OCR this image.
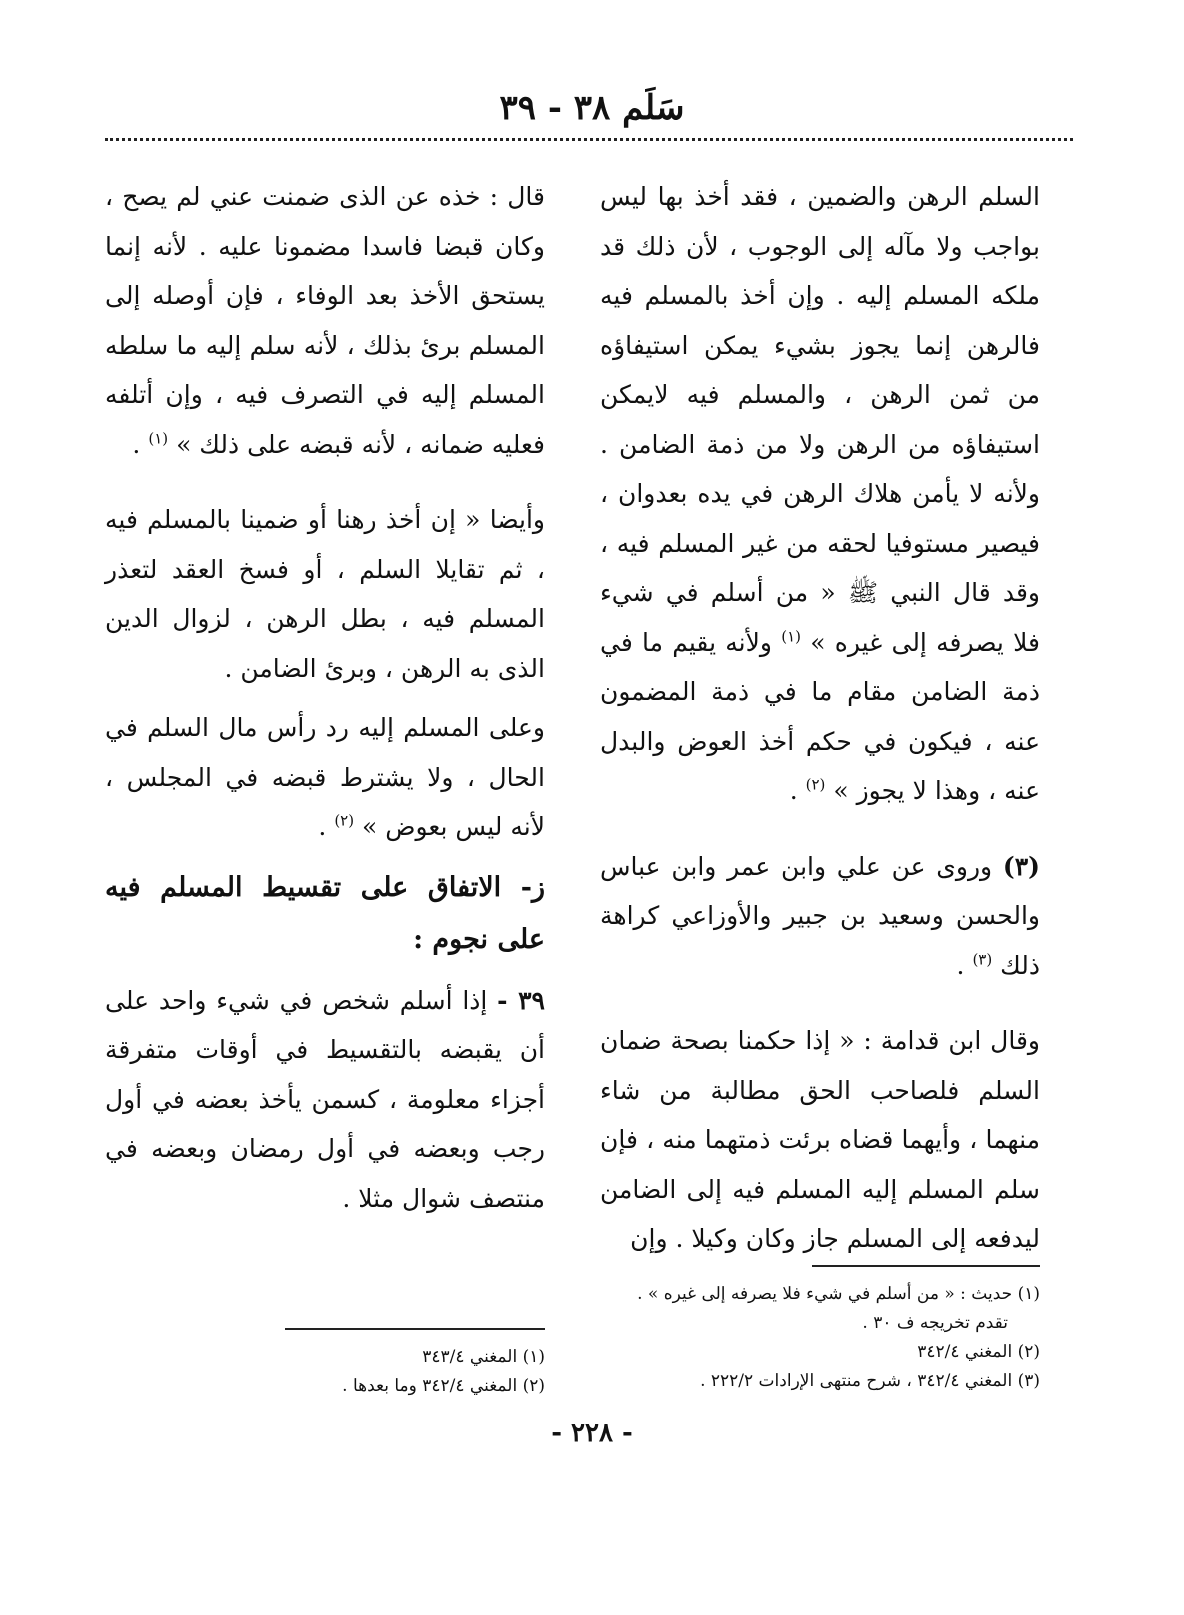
سَلَم ٣٨ - ٣٩

السلم الرهن والضمين ، فقد أخذ بها ليس بواجب ولا مآله إلى الوجوب ، لأن ذلك قد ملكه المسلم إليه . وإن أخذ بالمسلم فيه فالرهن إنما يجوز بشيء يمكن استيفاؤه من ثمن الرهن ، والمسلم فيه لايمكن استيفاؤه من الرهن ولا من ذمة الضامن . ولأنه لا يأمن هلاك الرهن في يده بعدوان ، فيصير مستوفيا لحقه من غير المسلم فيه ، وقد قال النبي ﷺ « من أسلم في شيء فلا يصرفه إلى غيره » $^{(١)}$ ولأنه يقيم ما في ذمة الضامن مقام ما في ذمة المضمون عنه ، فيكون في حكم أخذ العوض والبدل عنه ، وهذا لا يجوز » $^{(٢)}$ .

(٣) وروى عن علي وابن عمر وابن عباس والحسن وسعيد بن جبير والأوزاعي كراهة ذلك $^{(٣)}$ .

وقال ابن قدامة : « إذا حكمنا بصحة ضمان السلم فلصاحب الحق مطالبة من شاء منهما ، وأيهما قضاه برئت ذمتهما منه ، فإن سلم المسلم إليه المسلم فيه إلى الضامن ليدفعه إلى المسلم جاز وكان وكيلا . وإن

قال : خذه عن الذى ضمنت عني لم يصح ، وكان قبضا فاسدا مضمونا عليه . لأنه إنما يستحق الأخذ بعد الوفاء ، فإن أوصله إلى المسلم برئ بذلك ، لأنه سلم إليه ما سلطه المسلم إليه في التصرف فيه ، وإن أتلفه فعليه ضمانه ، لأنه قبضه على ذلك » $^{(١)}$ .

وأيضا « إن أخذ رهنا أو ضمينا بالمسلم فيه ، ثم تقايلا السلم ، أو فسخ العقد لتعذر المسلم فيه ، بطل الرهن ، لزوال الدين الذى به الرهن ، وبرئ الضامن .

وعلى المسلم إليه رد رأس مال السلم في الحال ، ولا يشترط قبضه في المجلس ، لأنه ليس بعوض » $^{(٢)}$ .

ز- الاتفاق على تقسيط المسلم فيه على نجوم :

٣٩ - إذا أسلم شخص في شيء واحد على أن يقبضه بالتقسيط في أوقات متفرقة أجزاء معلومة ، كسمن يأخذ بعضه في أول رجب وبعضه في أول رمضان وبعضه في منتصف شوال مثلا .

(١) حديث : « من أسلم في شيء فلا يصرفه إلى غيره » .

تقدم تخريجه ف ٣٠ .

(٢) المغني ٣٤٢/٤

(٣) المغني ٣٤٢/٤ ، شرح منتهى الإرادات ٢٢٢/٢ .

(١) المغني ٣٤٣/٤

(٢) المغني ٣٤٢/٤ وما بعدها .

- ٢٢٨ -
